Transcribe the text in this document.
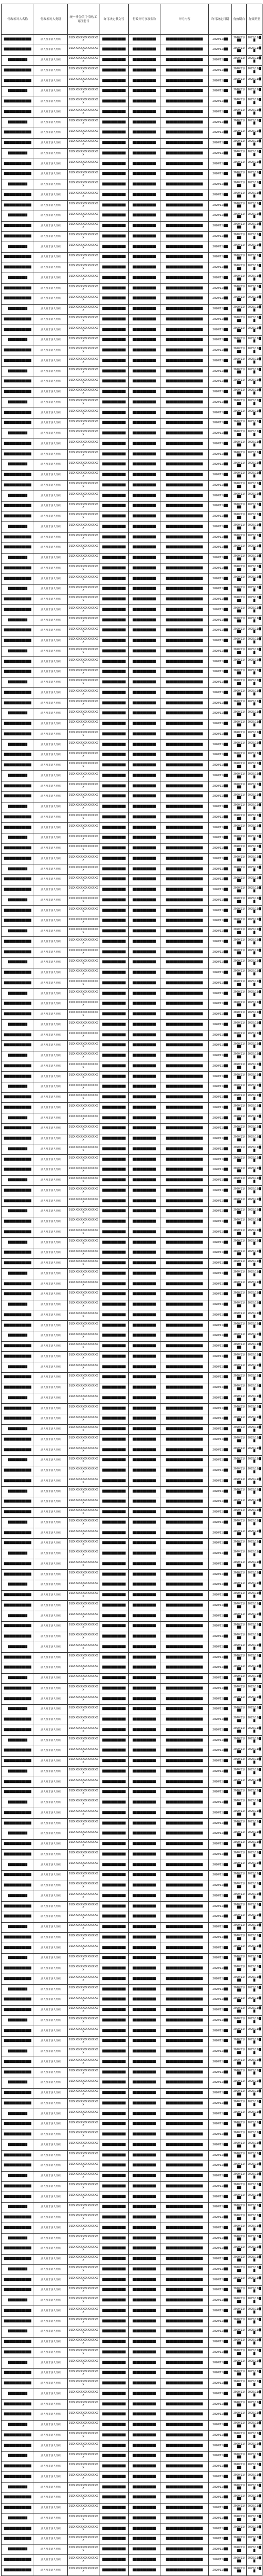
行政相对人名称	行政相对人类别	统一社会信用代码/工商注册号	许可决定书文号	行政许可事项名称	许可内容	许可决定日期	有效期自	有效期至
██████████████	法人及非法人组织	91XXXXXXXXXXXXXXXX	████████████	████████████	███████████████████	2020/11/██	2020/11/██	2025/11/██
██████████████	法人及非法人组织	91XXXXXXXXXXXXXXXX	████████████	████████████	███████████████████	2020/11/██	2020/11/██	2025/11/██
██████████	法人及非法人组织	91XXXXXXXXXXXXXXXX	████████████	████████████	███████████████████	2020/11/██	2020/11/██	2025/11/██
██████████████	法人及非法人组织	91XXXXXXXXXXXXXXXX	████████████	████████████	███████████████████	2020/11/██	2020/11/██	2025/11/██
██████████████	法人及非法人组织	91XXXXXXXXXXXXXXXX	████████████	████████████	███████████████████	2020/11/██	2020/11/██	2025/11/██
██████████	法人及非法人组织	91XXXXXXXXXXXXXXXX	████████████	████████████	███████████████████	2020/11/██	2020/11/██	2025/11/██
██████████████	法人及非法人组织	91XXXXXXXXXXXXXXXX	████████████	████████████	███████████████████	2020/11/██	2020/11/██	2025/11/██
██████████████	法人及非法人组织	91XXXXXXXXXXXXXXXX	████████████	████████████	███████████████████	2020/11/██	2020/11/██	2025/11/██
██████████	法人及非法人组织	91XXXXXXXXXXXXXXXX	████████████	████████████	███████████████████	2020/11/██	2020/11/██	2025/11/██
██████████████	法人及非法人组织	91XXXXXXXXXXXXXXXX	████████████	████████████	███████████████████	2020/11/██	2020/11/██	2025/11/██
██████████████	法人及非法人组织	91XXXXXXXXXXXXXXXX	████████████	████████████	███████████████████	2020/11/██	2020/11/██	2025/11/██
██████████	法人及非法人组织	91XXXXXXXXXXXXXXXX	████████████	████████████	███████████████████	2020/11/██	2020/11/██	2025/11/██
██████████████	法人及非法人组织	91XXXXXXXXXXXXXXXX	████████████	████████████	███████████████████	2020/11/██	2020/11/██	2025/11/██
██████████████	法人及非法人组织	91XXXXXXXXXXXXXXXX	████████████	████████████	███████████████████	2020/11/██	2020/11/██	2025/11/██
██████████	法人及非法人组织	91XXXXXXXXXXXXXXXX	████████████	████████████	███████████████████	2020/11/██	2020/11/██	2025/11/██
██████████████	法人及非法人组织	91XXXXXXXXXXXXXXXX	████████████	████████████	███████████████████	2020/11/██	2020/11/██	2025/11/██
██████████████	法人及非法人组织	91XXXXXXXXXXXXXXXX	████████████	████████████	███████████████████	2020/11/██	2020/11/██	2025/11/██
██████████	法人及非法人组织	91XXXXXXXXXXXXXXXX	████████████	████████████	███████████████████	2020/11/██	2020/11/██	2025/11/██
██████████████	法人及非法人组织	91XXXXXXXXXXXXXXXX	████████████	████████████	███████████████████	2020/11/██	2020/11/██	2025/11/██
██████████████	法人及非法人组织	91XXXXXXXXXXXXXXXX	████████████	████████████	███████████████████	2020/11/██	2020/11/██	2025/11/██
██████████	法人及非法人组织	91XXXXXXXXXXXXXXXX	████████████	████████████	███████████████████	2020/11/██	2020/11/██	2025/11/██
██████████████	法人及非法人组织	91XXXXXXXXXXXXXXXX	████████████	████████████	███████████████████	2020/11/██	2020/11/██	2025/11/██
██████████████	法人及非法人组织	91XXXXXXXXXXXXXXXX	████████████	████████████	███████████████████	2020/11/██	2020/11/██	2025/11/██
██████████	法人及非法人组织	91XXXXXXXXXXXXXXXX	████████████	████████████	███████████████████	2020/11/██	2020/11/██	2025/11/██
██████████████	法人及非法人组织	91XXXXXXXXXXXXXXXX	████████████	████████████	███████████████████	2020/11/██	2020/11/██	2025/11/██
██████████████	法人及非法人组织	91XXXXXXXXXXXXXXXX	████████████	████████████	███████████████████	2020/11/██	2020/11/██	2025/11/██
██████████	法人及非法人组织	91XXXXXXXXXXXXXXXX	████████████	████████████	███████████████████	2020/11/██	2020/11/██	2025/11/██
██████████████	法人及非法人组织	91XXXXXXXXXXXXXXXX	████████████	████████████	███████████████████	2020/11/██	2020/11/██	2025/11/██
██████████████	法人及非法人组织	91XXXXXXXXXXXXXXXX	████████████	████████████	███████████████████	2020/11/██	2020/11/██	2025/11/██
██████████	法人及非法人组织	91XXXXXXXXXXXXXXXX	████████████	████████████	███████████████████	2020/11/██	2020/11/██	2025/11/██
██████████████	法人及非法人组织	91XXXXXXXXXXXXXXXX	████████████	████████████	███████████████████	2020/11/██	2020/11/██	2025/11/██
██████████████	法人及非法人组织	91XXXXXXXXXXXXXXXX	████████████	████████████	███████████████████	2020/11/██	2020/11/██	2025/11/██
██████████	法人及非法人组织	91XXXXXXXXXXXXXXXX	████████████	████████████	███████████████████	2020/11/██	2020/11/██	2025/11/██
██████████████	法人及非法人组织	91XXXXXXXXXXXXXXXX	████████████	████████████	███████████████████	2020/11/██	2020/11/██	2025/11/██
██████████████	法人及非法人组织	91XXXXXXXXXXXXXXXX	████████████	████████████	███████████████████	2020/11/██	2020/11/██	2025/11/██
██████████	法人及非法人组织	91XXXXXXXXXXXXXXXX	████████████	████████████	███████████████████	2020/11/██	2020/11/██	2025/11/██
██████████████	法人及非法人组织	91XXXXXXXXXXXXXXXX	████████████	████████████	███████████████████	2020/11/██	2020/11/██	2025/11/██
██████████████	法人及非法人组织	91XXXXXXXXXXXXXXXX	████████████	████████████	███████████████████	2020/11/██	2020/11/██	2025/11/██
██████████	法人及非法人组织	91XXXXXXXXXXXXXXXX	████████████	████████████	███████████████████	2020/11/██	2020/11/██	2025/11/██
██████████████	法人及非法人组织	91XXXXXXXXXXXXXXXX	████████████	████████████	███████████████████	2020/11/██	2020/11/██	2025/11/██
██████████████	法人及非法人组织	91XXXXXXXXXXXXXXXX	████████████	████████████	███████████████████	2020/11/██	2020/11/██	2025/11/██
██████████	法人及非法人组织	91XXXXXXXXXXXXXXXX	████████████	████████████	███████████████████	2020/11/██	2020/11/██	2025/11/██
██████████████	法人及非法人组织	91XXXXXXXXXXXXXXXX	████████████	████████████	███████████████████	2020/11/██	2020/11/██	2025/11/██
██████████████	法人及非法人组织	91XXXXXXXXXXXXXXXX	████████████	████████████	███████████████████	2020/11/██	2020/11/██	2025/11/██
██████████	法人及非法人组织	91XXXXXXXXXXXXXXXX	████████████	████████████	███████████████████	2020/11/██	2020/11/██	2025/11/██
██████████████	法人及非法人组织	91XXXXXXXXXXXXXXXX	████████████	████████████	███████████████████	2020/11/██	2020/11/██	2025/11/██
██████████████	法人及非法人组织	91XXXXXXXXXXXXXXXX	████████████	████████████	███████████████████	2020/11/██	2020/11/██	2025/11/██
██████████	法人及非法人组织	91XXXXXXXXXXXXXXXX	████████████	████████████	███████████████████	2020/11/██	2020/11/██	2025/11/██
██████████████	法人及非法人组织	91XXXXXXXXXXXXXXXX	████████████	████████████	███████████████████	2020/11/██	2020/11/██	2025/11/██
██████████████	法人及非法人组织	91XXXXXXXXXXXXXXXX	████████████	████████████	███████████████████	2020/11/██	2020/11/██	2025/11/██
██████████	法人及非法人组织	91XXXXXXXXXXXXXXXX	████████████	████████████	███████████████████	2020/11/██	2020/11/██	2025/11/██
██████████████	法人及非法人组织	91XXXXXXXXXXXXXXXX	████████████	████████████	███████████████████	2020/11/██	2020/11/██	2025/11/██
██████████████	法人及非法人组织	91XXXXXXXXXXXXXXXX	████████████	████████████	███████████████████	2020/11/██	2020/11/██	2025/11/██
██████████	法人及非法人组织	91XXXXXXXXXXXXXXXX	████████████	████████████	███████████████████	2020/11/██	2020/11/██	2025/11/██
██████████████	法人及非法人组织	91XXXXXXXXXXXXXXXX	████████████	████████████	███████████████████	2020/11/██	2020/11/██	2025/11/██
██████████████	法人及非法人组织	91XXXXXXXXXXXXXXXX	████████████	████████████	███████████████████	2020/11/██	2020/11/██	2025/11/██
██████████	法人及非法人组织	91XXXXXXXXXXXXXXXX	████████████	████████████	███████████████████	2020/11/██	2020/11/██	2025/11/██
██████████████	法人及非法人组织	91XXXXXXXXXXXXXXXX	████████████	████████████	███████████████████	2020/11/██	2020/11/██	2025/11/██
██████████████	法人及非法人组织	91XXXXXXXXXXXXXXXX	████████████	████████████	███████████████████	2020/11/██	2020/11/██	2025/11/██
██████████	法人及非法人组织	91XXXXXXXXXXXXXXXX	████████████	████████████	███████████████████	2020/11/██	2020/11/██	2025/11/██
██████████████	法人及非法人组织	91XXXXXXXXXXXXXXXX	████████████	████████████	███████████████████	2020/11/██	2020/11/██	2025/11/██
██████████████	法人及非法人组织	91XXXXXXXXXXXXXXXX	████████████	████████████	███████████████████	2020/11/██	2020/11/██	2025/11/██
██████████	法人及非法人组织	91XXXXXXXXXXXXXXXX	████████████	████████████	███████████████████	2020/11/██	2020/11/██	2025/11/██
██████████████	法人及非法人组织	91XXXXXXXXXXXXXXXX	████████████	████████████	███████████████████	2020/11/██	2020/11/██	2025/11/██
██████████████	法人及非法人组织	91XXXXXXXXXXXXXXXX	████████████	████████████	███████████████████	2020/11/██	2020/11/██	2025/11/██
██████████	法人及非法人组织	91XXXXXXXXXXXXXXXX	████████████	████████████	███████████████████	2020/11/██	2020/11/██	2025/11/██
██████████████	法人及非法人组织	91XXXXXXXXXXXXXXXX	████████████	████████████	███████████████████	2020/11/██	2020/11/██	2025/11/██
██████████████	法人及非法人组织	91XXXXXXXXXXXXXXXX	████████████	████████████	███████████████████	2020/11/██	2020/11/██	2025/11/██
██████████	法人及非法人组织	91XXXXXXXXXXXXXXXX	████████████	████████████	███████████████████	2020/11/██	2020/11/██	2025/11/██
██████████████	法人及非法人组织	91XXXXXXXXXXXXXXXX	████████████	████████████	███████████████████	2020/11/██	2020/11/██	2025/11/██
██████████████	法人及非法人组织	91XXXXXXXXXXXXXXXX	████████████	████████████	███████████████████	2020/11/██	2020/11/██	2025/11/██
██████████	法人及非法人组织	91XXXXXXXXXXXXXXXX	████████████	████████████	███████████████████	2020/11/██	2020/11/██	2025/11/██
██████████████	法人及非法人组织	91XXXXXXXXXXXXXXXX	████████████	████████████	███████████████████	2020/11/██	2020/11/██	2025/11/██
██████████████	法人及非法人组织	91XXXXXXXXXXXXXXXX	████████████	████████████	███████████████████	2020/11/██	2020/11/██	2025/11/██
██████████	法人及非法人组织	91XXXXXXXXXXXXXXXX	████████████	████████████	███████████████████	2020/11/██	2020/11/██	2025/11/██
██████████████	法人及非法人组织	91XXXXXXXXXXXXXXXX	████████████	████████████	███████████████████	2020/11/██	2020/11/██	2025/11/██
██████████████	法人及非法人组织	91XXXXXXXXXXXXXXXX	████████████	████████████	███████████████████	2020/11/██	2020/11/██	2025/11/██
██████████	法人及非法人组织	91XXXXXXXXXXXXXXXX	████████████	████████████	███████████████████	2020/11/██	2020/11/██	2025/11/██
██████████████	法人及非法人组织	91XXXXXXXXXXXXXXXX	████████████	████████████	███████████████████	2020/11/██	2020/11/██	2025/11/██
██████████████	法人及非法人组织	91XXXXXXXXXXXXXXXX	████████████	████████████	███████████████████	2020/11/██	2020/11/██	2025/11/██
██████████	法人及非法人组织	91XXXXXXXXXXXXXXXX	████████████	████████████	███████████████████	2020/11/██	2020/11/██	2025/11/██
██████████████	法人及非法人组织	91XXXXXXXXXXXXXXXX	████████████	████████████	███████████████████	2020/11/██	2020/11/██	2025/11/██
██████████████	法人及非法人组织	91XXXXXXXXXXXXXXXX	████████████	████████████	███████████████████	2020/11/██	2020/11/██	2025/11/██
██████████	法人及非法人组织	91XXXXXXXXXXXXXXXX	████████████	████████████	███████████████████	2020/11/██	2020/11/██	2025/11/██
██████████████	法人及非法人组织	91XXXXXXXXXXXXXXXX	████████████	████████████	███████████████████	2020/11/██	2020/11/██	2025/11/██
██████████████	法人及非法人组织	91XXXXXXXXXXXXXXXX	████████████	████████████	███████████████████	2020/11/██	2020/11/██	2025/11/██
██████████	法人及非法人组织	91XXXXXXXXXXXXXXXX	████████████	████████████	███████████████████	2020/11/██	2020/11/██	2025/11/██
██████████████	法人及非法人组织	91XXXXXXXXXXXXXXXX	████████████	████████████	███████████████████	2020/11/██	2020/11/██	2025/11/██
██████████████	法人及非法人组织	91XXXXXXXXXXXXXXXX	████████████	████████████	███████████████████	2020/11/██	2020/11/██	2025/11/██
██████████	法人及非法人组织	91XXXXXXXXXXXXXXXX	████████████	████████████	███████████████████	2020/11/██	2020/11/██	2025/11/██
██████████████	法人及非法人组织	91XXXXXXXXXXXXXXXX	████████████	████████████	███████████████████	2020/11/██	2020/11/██	2025/11/██
██████████████	法人及非法人组织	91XXXXXXXXXXXXXXXX	████████████	████████████	███████████████████	2020/11/██	2020/11/██	2025/11/██
██████████	法人及非法人组织	91XXXXXXXXXXXXXXXX	████████████	████████████	███████████████████	2020/11/██	2020/11/██	2025/11/██
██████████████	法人及非法人组织	91XXXXXXXXXXXXXXXX	████████████	████████████	███████████████████	2020/11/██	2020/11/██	2025/11/██
██████████████	法人及非法人组织	91XXXXXXXXXXXXXXXX	████████████	████████████	███████████████████	2020/11/██	2020/11/██	2025/11/██
██████████	法人及非法人组织	91XXXXXXXXXXXXXXXX	████████████	████████████	███████████████████	2020/11/██	2020/11/██	2025/11/██
██████████████	法人及非法人组织	91XXXXXXXXXXXXXXXX	████████████	████████████	███████████████████	2020/11/██	2020/11/██	2025/11/██
██████████████	法人及非法人组织	91XXXXXXXXXXXXXXXX	████████████	████████████	███████████████████	2020/11/██	2020/11/██	2025/11/██
██████████	法人及非法人组织	91XXXXXXXXXXXXXXXX	████████████	████████████	███████████████████	2020/11/██	2020/11/██	2025/11/██
██████████████	法人及非法人组织	91XXXXXXXXXXXXXXXX	████████████	████████████	███████████████████	2020/11/██	2020/11/██	2025/11/██
██████████████	法人及非法人组织	91XXXXXXXXXXXXXXXX	████████████	████████████	███████████████████	2020/11/██	2020/11/██	2025/11/██
██████████	法人及非法人组织	91XXXXXXXXXXXXXXXX	████████████	████████████	███████████████████	2020/11/██	2020/11/██	2025/11/██
██████████████	法人及非法人组织	91XXXXXXXXXXXXXXXX	████████████	████████████	███████████████████	2020/11/██	2020/11/██	2025/11/██
██████████████	法人及非法人组织	91XXXXXXXXXXXXXXXX	████████████	████████████	███████████████████	2020/11/██	2020/11/██	2025/11/██
██████████	法人及非法人组织	91XXXXXXXXXXXXXXXX	████████████	████████████	███████████████████	2020/11/██	2020/11/██	2025/11/██
██████████████	法人及非法人组织	91XXXXXXXXXXXXXXXX	████████████	████████████	███████████████████	2020/11/██	2020/11/██	2025/11/██
██████████████	法人及非法人组织	91XXXXXXXXXXXXXXXX	████████████	████████████	███████████████████	2020/11/██	2020/11/██	2025/11/██
██████████	法人及非法人组织	91XXXXXXXXXXXXXXXX	████████████	████████████	███████████████████	2020/11/██	2020/11/██	2025/11/██
██████████████	法人及非法人组织	91XXXXXXXXXXXXXXXX	████████████	████████████	███████████████████	2020/11/██	2020/11/██	2025/11/██
██████████████	法人及非法人组织	91XXXXXXXXXXXXXXXX	████████████	████████████	███████████████████	2020/11/██	2020/11/██	2025/11/██
██████████	法人及非法人组织	91XXXXXXXXXXXXXXXX	████████████	████████████	███████████████████	2020/11/██	2020/11/██	2025/11/██
██████████████	法人及非法人组织	91XXXXXXXXXXXXXXXX	████████████	████████████	███████████████████	2020/11/██	2020/11/██	2025/11/██
██████████████	法人及非法人组织	91XXXXXXXXXXXXXXXX	████████████	████████████	███████████████████	2020/11/██	2020/11/██	2025/11/██
██████████	法人及非法人组织	91XXXXXXXXXXXXXXXX	████████████	████████████	███████████████████	2020/11/██	2020/11/██	2025/11/██
██████████████	法人及非法人组织	91XXXXXXXXXXXXXXXX	████████████	████████████	███████████████████	2020/11/██	2020/11/██	2025/11/██
██████████████	法人及非法人组织	91XXXXXXXXXXXXXXXX	████████████	████████████	███████████████████	2020/11/██	2020/11/██	2025/11/██
██████████	法人及非法人组织	91XXXXXXXXXXXXXXXX	████████████	████████████	███████████████████	2020/11/██	2020/11/██	2025/11/██
██████████████	法人及非法人组织	91XXXXXXXXXXXXXXXX	████████████	████████████	███████████████████	2020/11/██	2020/11/██	2025/11/██
██████████████	法人及非法人组织	91XXXXXXXXXXXXXXXX	████████████	████████████	███████████████████	2020/11/██	2020/11/██	2025/11/██
██████████	法人及非法人组织	91XXXXXXXXXXXXXXXX	████████████	████████████	███████████████████	2020/11/██	2020/11/██	2025/11/██
██████████████	法人及非法人组织	91XXXXXXXXXXXXXXXX	████████████	████████████	███████████████████	2020/11/██	2020/11/██	2025/11/██
██████████████	法人及非法人组织	91XXXXXXXXXXXXXXXX	████████████	████████████	███████████████████	2020/11/██	2020/11/██	2025/11/██
██████████	法人及非法人组织	91XXXXXXXXXXXXXXXX	████████████	████████████	███████████████████	2020/11/██	2020/11/██	2025/11/██
██████████████	法人及非法人组织	91XXXXXXXXXXXXXXXX	████████████	████████████	███████████████████	2020/11/██	2020/11/██	2025/11/██
██████████████	法人及非法人组织	91XXXXXXXXXXXXXXXX	████████████	████████████	███████████████████	2020/11/██	2020/11/██	2025/11/██
██████████	法人及非法人组织	91XXXXXXXXXXXXXXXX	████████████	████████████	███████████████████	2020/11/██	2020/11/██	2025/11/██
██████████████	法人及非法人组织	91XXXXXXXXXXXXXXXX	████████████	████████████	███████████████████	2020/11/██	2020/11/██	2025/11/██
██████████████	法人及非法人组织	91XXXXXXXXXXXXXXXX	████████████	████████████	███████████████████	2020/11/██	2020/11/██	2025/11/██
██████████	法人及非法人组织	91XXXXXXXXXXXXXXXX	████████████	████████████	███████████████████	2020/11/██	2020/11/██	2025/11/██
██████████████	法人及非法人组织	91XXXXXXXXXXXXXXXX	████████████	████████████	███████████████████	2020/11/██	2020/11/██	2025/11/██
██████████████	法人及非法人组织	91XXXXXXXXXXXXXXXX	████████████	████████████	███████████████████	2020/11/██	2020/11/██	2025/11/██
██████████	法人及非法人组织	91XXXXXXXXXXXXXXXX	████████████	████████████	███████████████████	2020/11/██	2020/11/██	2025/11/██
██████████████	法人及非法人组织	91XXXXXXXXXXXXXXXX	████████████	████████████	███████████████████	2020/11/██	2020/11/██	2025/11/██
██████████████	法人及非法人组织	91XXXXXXXXXXXXXXXX	████████████	████████████	███████████████████	2020/11/██	2020/11/██	2025/11/██
██████████	法人及非法人组织	91XXXXXXXXXXXXXXXX	████████████	████████████	███████████████████	2020/11/██	2020/11/██	2025/11/██
██████████████	法人及非法人组织	91XXXXXXXXXXXXXXXX	████████████	████████████	███████████████████	2020/11/██	2020/11/██	2025/11/██
██████████████	法人及非法人组织	91XXXXXXXXXXXXXXXX	████████████	████████████	███████████████████	2020/11/██	2020/11/██	2025/11/██
██████████	法人及非法人组织	91XXXXXXXXXXXXXXXX	████████████	████████████	███████████████████	2020/11/██	2020/11/██	2025/11/██
██████████████	法人及非法人组织	91XXXXXXXXXXXXXXXX	████████████	████████████	███████████████████	2020/11/██	2020/11/██	2025/11/██
██████████████	法人及非法人组织	91XXXXXXXXXXXXXXXX	████████████	████████████	███████████████████	2020/11/██	2020/11/██	2025/11/██
██████████	法人及非法人组织	91XXXXXXXXXXXXXXXX	████████████	████████████	███████████████████	2020/11/██	2020/11/██	2025/11/██
██████████████	法人及非法人组织	91XXXXXXXXXXXXXXXX	████████████	████████████	███████████████████	2020/11/██	2020/11/██	2025/11/██
██████████████	法人及非法人组织	91XXXXXXXXXXXXXXXX	████████████	████████████	███████████████████	2020/11/██	2020/11/██	2025/11/██
██████████	法人及非法人组织	91XXXXXXXXXXXXXXXX	████████████	████████████	███████████████████	2020/11/██	2020/11/██	2025/11/██
██████████████	法人及非法人组织	91XXXXXXXXXXXXXXXX	████████████	████████████	███████████████████	2020/11/██	2020/11/██	2025/11/██
██████████████	法人及非法人组织	91XXXXXXXXXXXXXXXX	████████████	████████████	███████████████████	2020/11/██	2020/11/██	2025/11/██
██████████	法人及非法人组织	91XXXXXXXXXXXXXXXX	████████████	████████████	███████████████████	2020/11/██	2020/11/██	2025/11/██
██████████████	法人及非法人组织	91XXXXXXXXXXXXXXXX	████████████	████████████	███████████████████	2020/11/██	2020/11/██	2025/11/██
██████████████	法人及非法人组织	91XXXXXXXXXXXXXXXX	████████████	████████████	███████████████████	2020/11/██	2020/11/██	2025/11/██
██████████	法人及非法人组织	91XXXXXXXXXXXXXXXX	████████████	████████████	███████████████████	2020/11/██	2020/11/██	2025/11/██
██████████████	法人及非法人组织	91XXXXXXXXXXXXXXXX	████████████	████████████	███████████████████	2020/11/██	2020/11/██	2025/11/██
██████████████	法人及非法人组织	91XXXXXXXXXXXXXXXX	████████████	████████████	███████████████████	2020/11/██	2020/11/██	2025/11/██
██████████	法人及非法人组织	91XXXXXXXXXXXXXXXX	████████████	████████████	███████████████████	2020/11/██	2020/11/██	2025/11/██
██████████████	法人及非法人组织	91XXXXXXXXXXXXXXXX	████████████	████████████	███████████████████	2020/11/██	2020/11/██	2025/11/██
██████████████	法人及非法人组织	91XXXXXXXXXXXXXXXX	████████████	████████████	███████████████████	2020/11/██	2020/11/██	2025/11/██
██████████	法人及非法人组织	91XXXXXXXXXXXXXXXX	████████████	████████████	███████████████████	2020/11/██	2020/11/██	2025/11/██
██████████████	法人及非法人组织	91XXXXXXXXXXXXXXXX	████████████	████████████	███████████████████	2020/11/██	2020/11/██	2025/11/██
██████████████	法人及非法人组织	91XXXXXXXXXXXXXXXX	████████████	████████████	███████████████████	2020/11/██	2020/11/██	2025/11/██
██████████	法人及非法人组织	91XXXXXXXXXXXXXXXX	████████████	████████████	███████████████████	2020/11/██	2020/11/██	2025/11/██
██████████████	法人及非法人组织	91XXXXXXXXXXXXXXXX	████████████	████████████	███████████████████	2020/11/██	2020/11/██	2025/11/██
██████████████	法人及非法人组织	91XXXXXXXXXXXXXXXX	████████████	████████████	███████████████████	2020/11/██	2020/11/██	2025/11/██
██████████	法人及非法人组织	91XXXXXXXXXXXXXXXX	████████████	████████████	███████████████████	2020/11/██	2020/11/██	2025/11/██
██████████████	法人及非法人组织	91XXXXXXXXXXXXXXXX	████████████	████████████	███████████████████	2020/11/██	2020/11/██	2025/11/██
██████████████	法人及非法人组织	91XXXXXXXXXXXXXXXX	████████████	████████████	███████████████████	2020/11/██	2020/11/██	2025/11/██
██████████	法人及非法人组织	91XXXXXXXXXXXXXXXX	████████████	████████████	███████████████████	2020/11/██	2020/11/██	2025/11/██
██████████████	法人及非法人组织	91XXXXXXXXXXXXXXXX	████████████	████████████	███████████████████	2020/11/██	2020/11/██	2025/11/██
██████████████	法人及非法人组织	91XXXXXXXXXXXXXXXX	████████████	████████████	███████████████████	2020/11/██	2020/11/██	2025/11/██
██████████	法人及非法人组织	91XXXXXXXXXXXXXXXX	████████████	████████████	███████████████████	2020/11/██	2020/11/██	2025/11/██
██████████████	法人及非法人组织	91XXXXXXXXXXXXXXXX	████████████	████████████	███████████████████	2020/11/██	2020/11/██	2025/11/██
██████████████	法人及非法人组织	91XXXXXXXXXXXXXXXX	████████████	████████████	███████████████████	2020/11/██	2020/11/██	2025/11/██
██████████	法人及非法人组织	91XXXXXXXXXXXXXXXX	████████████	████████████	███████████████████	2020/11/██	2020/11/██	2025/11/██
██████████████	法人及非法人组织	91XXXXXXXXXXXXXXXX	████████████	████████████	███████████████████	2020/11/██	2020/11/██	2025/11/██
██████████████	法人及非法人组织	91XXXXXXXXXXXXXXXX	████████████	████████████	███████████████████	2020/11/██	2020/11/██	2025/11/██
██████████	法人及非法人组织	91XXXXXXXXXXXXXXXX	████████████	████████████	███████████████████	2020/11/██	2020/11/██	2025/11/██
██████████████	法人及非法人组织	91XXXXXXXXXXXXXXXX	████████████	████████████	███████████████████	2020/11/██	2020/11/██	2025/11/██
██████████████	法人及非法人组织	91XXXXXXXXXXXXXXXX	████████████	████████████	███████████████████	2020/11/██	2020/11/██	2025/11/██
██████████	法人及非法人组织	91XXXXXXXXXXXXXXXX	████████████	████████████	███████████████████	2020/11/██	2020/11/██	2025/11/██
██████████████	法人及非法人组织	91XXXXXXXXXXXXXXXX	████████████	████████████	███████████████████	2020/11/██	2020/11/██	2025/11/██
██████████████	法人及非法人组织	91XXXXXXXXXXXXXXXX	████████████	████████████	███████████████████	2020/11/██	2020/11/██	2025/11/██
██████████	法人及非法人组织	91XXXXXXXXXXXXXXXX	████████████	████████████	███████████████████	2020/11/██	2020/11/██	2025/11/██
██████████████	法人及非法人组织	91XXXXXXXXXXXXXXXX	████████████	████████████	███████████████████	2020/11/██	2020/11/██	2025/11/██
██████████████	法人及非法人组织	91XXXXXXXXXXXXXXXX	████████████	████████████	███████████████████	2020/11/██	2020/11/██	2025/11/██
██████████	法人及非法人组织	91XXXXXXXXXXXXXXXX	████████████	████████████	███████████████████	2020/11/██	2020/11/██	2025/11/██
██████████████	法人及非法人组织	91XXXXXXXXXXXXXXXX	████████████	████████████	███████████████████	2020/11/██	2020/11/██	2025/11/██
██████████████	法人及非法人组织	91XXXXXXXXXXXXXXXX	████████████	████████████	███████████████████	2020/11/██	2020/11/██	2025/11/██
██████████	法人及非法人组织	91XXXXXXXXXXXXXXXX	████████████	████████████	███████████████████	2020/11/██	2020/11/██	2025/11/██
██████████████	法人及非法人组织	91XXXXXXXXXXXXXXXX	████████████	████████████	███████████████████	2020/11/██	2020/11/██	2025/11/██
██████████████	法人及非法人组织	91XXXXXXXXXXXXXXXX	████████████	████████████	███████████████████	2020/11/██	2020/11/██	2025/11/██
██████████	法人及非法人组织	91XXXXXXXXXXXXXXXX	████████████	████████████	███████████████████	2020/11/██	2020/11/██	2025/11/██
██████████████	法人及非法人组织	91XXXXXXXXXXXXXXXX	████████████	████████████	███████████████████	2020/11/██	2020/11/██	2025/11/██
██████████████	法人及非法人组织	91XXXXXXXXXXXXXXXX	████████████	████████████	███████████████████	2020/11/██	2020/11/██	2025/11/██
██████████	法人及非法人组织	91XXXXXXXXXXXXXXXX	████████████	████████████	███████████████████	2020/11/██	2020/11/██	2025/11/██
██████████████	法人及非法人组织	91XXXXXXXXXXXXXXXX	████████████	████████████	███████████████████	2020/11/██	2020/11/██	2025/11/██
██████████████	法人及非法人组织	91XXXXXXXXXXXXXXXX	████████████	████████████	███████████████████	2020/11/██	2020/11/██	2025/11/██
██████████	法人及非法人组织	91XXXXXXXXXXXXXXXX	████████████	████████████	███████████████████	2020/11/██	2020/11/██	2025/11/██
██████████████	法人及非法人组织	91XXXXXXXXXXXXXXXX	████████████	████████████	███████████████████	2020/11/██	2020/11/██	2025/11/██
██████████████	法人及非法人组织	91XXXXXXXXXXXXXXXX	████████████	████████████	███████████████████	2020/11/██	2020/11/██	2025/11/██
██████████	法人及非法人组织	91XXXXXXXXXXXXXXXX	████████████	████████████	███████████████████	2020/11/██	2020/11/██	2025/11/██
██████████████	法人及非法人组织	91XXXXXXXXXXXXXXXX	████████████	████████████	███████████████████	2020/11/██	2020/11/██	2025/11/██
██████████████	法人及非法人组织	91XXXXXXXXXXXXXXXX	████████████	████████████	███████████████████	2020/11/██	2020/11/██	2025/11/██
██████████	法人及非法人组织	91XXXXXXXXXXXXXXXX	████████████	████████████	███████████████████	2020/11/██	2020/11/██	2025/11/██
██████████████	法人及非法人组织	91XXXXXXXXXXXXXXXX	████████████	████████████	███████████████████	2020/11/██	2020/11/██	2025/11/██
██████████████	法人及非法人组织	91XXXXXXXXXXXXXXXX	████████████	████████████	███████████████████	2020/11/██	2020/11/██	2025/11/██
██████████	法人及非法人组织	91XXXXXXXXXXXXXXXX	████████████	████████████	███████████████████	2020/11/██	2020/11/██	2025/11/██
██████████████	法人及非法人组织	91XXXXXXXXXXXXXXXX	████████████	████████████	███████████████████	2020/11/██	2020/11/██	2025/11/██
██████████████	法人及非法人组织	91XXXXXXXXXXXXXXXX	████████████	████████████	███████████████████	2020/11/██	2020/11/██	2025/11/██
██████████	法人及非法人组织	91XXXXXXXXXXXXXXXX	████████████	████████████	███████████████████	2020/11/██	2020/11/██	2025/11/██
██████████████	法人及非法人组织	91XXXXXXXXXXXXXXXX	████████████	████████████	███████████████████	2020/11/██	2020/11/██	2025/11/██
██████████████	法人及非法人组织	91XXXXXXXXXXXXXXXX	████████████	████████████	███████████████████	2020/11/██	2020/11/██	2025/11/██
██████████	法人及非法人组织	91XXXXXXXXXXXXXXXX	████████████	████████████	███████████████████	2020/11/██	2020/11/██	2025/11/██
██████████████	法人及非法人组织	91XXXXXXXXXXXXXXXX	████████████	████████████	███████████████████	2020/11/██	2020/11/██	2025/11/██
██████████████	法人及非法人组织	91XXXXXXXXXXXXXXXX	████████████	████████████	███████████████████	2020/11/██	2020/11/██	2025/11/██
██████████	法人及非法人组织	91XXXXXXXXXXXXXXXX	████████████	████████████	███████████████████	2020/11/██	2020/11/██	2025/11/██
██████████████	法人及非法人组织	91XXXXXXXXXXXXXXXX	████████████	████████████	███████████████████	2020/11/██	2020/11/██	2025/11/██
██████████████	法人及非法人组织	91XXXXXXXXXXXXXXXX	████████████	████████████	███████████████████	2020/11/██	2020/11/██	2025/11/██
██████████	法人及非法人组织	91XXXXXXXXXXXXXXXX	████████████	████████████	███████████████████	2020/11/██	2020/11/██	2025/11/██
██████████████	法人及非法人组织	91XXXXXXXXXXXXXXXX	████████████	████████████	███████████████████	2020/11/██	2020/11/██	2025/11/██
██████████████	法人及非法人组织	91XXXXXXXXXXXXXXXX	████████████	████████████	███████████████████	2020/11/██	2020/11/██	2025/11/██
██████████	法人及非法人组织	91XXXXXXXXXXXXXXXX	████████████	████████████	███████████████████	2020/11/██	2020/11/██	2025/11/██
██████████████	法人及非法人组织	91XXXXXXXXXXXXXXXX	████████████	████████████	███████████████████	2020/11/██	2020/11/██	2025/11/██
██████████████	法人及非法人组织	91XXXXXXXXXXXXXXXX	████████████	████████████	███████████████████	2020/11/██	2020/11/██	2025/11/██
██████████	法人及非法人组织	91XXXXXXXXXXXXXXXX	████████████	████████████	███████████████████	2020/11/██	2020/11/██	2025/11/██
██████████████	法人及非法人组织	91XXXXXXXXXXXXXXXX	████████████	████████████	███████████████████	2020/11/██	2020/11/██	2025/11/██
██████████████	法人及非法人组织	91XXXXXXXXXXXXXXXX	████████████	████████████	███████████████████	2020/11/██	2020/11/██	2025/11/██
██████████	法人及非法人组织	91XXXXXXXXXXXXXXXX	████████████	████████████	███████████████████	2020/11/██	2020/11/██	2025/11/██
██████████████	法人及非法人组织	91XXXXXXXXXXXXXXXX	████████████	████████████	███████████████████	2020/11/██	2020/11/██	2025/11/██
██████████████	法人及非法人组织	91XXXXXXXXXXXXXXXX	████████████	████████████	███████████████████	2020/11/██	2020/11/██	2025/11/██
██████████	法人及非法人组织	91XXXXXXXXXXXXXXXX	████████████	████████████	███████████████████	2020/11/██	2020/11/██	2025/11/██
██████████████	法人及非法人组织	91XXXXXXXXXXXXXXXX	████████████	████████████	███████████████████	2020/11/██	2020/11/██	2025/11/██
██████████████	法人及非法人组织	91XXXXXXXXXXXXXXXX	████████████	████████████	███████████████████	2020/11/██	2020/11/██	2025/11/██
██████████	法人及非法人组织	91XXXXXXXXXXXXXXXX	████████████	████████████	███████████████████	2020/11/██	2020/11/██	2025/11/██
██████████████	法人及非法人组织	91XXXXXXXXXXXXXXXX	████████████	████████████	███████████████████	2020/11/██	2020/11/██	2025/11/██
██████████████	法人及非法人组织	91XXXXXXXXXXXXXXXX	████████████	████████████	███████████████████	2020/11/██	2020/11/██	2025/11/██
██████████	法人及非法人组织	91XXXXXXXXXXXXXXXX	████████████	████████████	███████████████████	2020/11/██	2020/11/██	2025/11/██
██████████████	法人及非法人组织	91XXXXXXXXXXXXXXXX	████████████	████████████	███████████████████	2020/11/██	2020/11/██	2025/11/██
██████████████	法人及非法人组织	91XXXXXXXXXXXXXXXX	████████████	████████████	███████████████████	2020/11/██	2020/11/██	2025/11/██
██████████	法人及非法人组织	91XXXXXXXXXXXXXXXX	████████████	████████████	███████████████████	2020/11/██	2020/11/██	2025/11/██
██████████████	法人及非法人组织	91XXXXXXXXXXXXXXXX	████████████	████████████	███████████████████	2020/11/██	2020/11/██	2025/11/██
██████████████	法人及非法人组织	91XXXXXXXXXXXXXXXX	████████████	████████████	███████████████████	2020/11/██	2020/11/██	2025/11/██
██████████	法人及非法人组织	91XXXXXXXXXXXXXXXX	████████████	████████████	███████████████████	2020/11/██	2020/11/██	2025/11/██
██████████████	法人及非法人组织	91XXXXXXXXXXXXXXXX	████████████	████████████	███████████████████	2020/11/██	2020/11/██	2025/11/██
██████████████	法人及非法人组织	91XXXXXXXXXXXXXXXX	████████████	████████████	███████████████████	2020/11/██	2020/11/██	2025/11/██
██████████	法人及非法人组织	91XXXXXXXXXXXXXXXX	████████████	████████████	███████████████████	2020/11/██	2020/11/██	2025/11/██
██████████████	法人及非法人组织	91XXXXXXXXXXXXXXXX	████████████	████████████	███████████████████	2020/11/██	2020/11/██	2025/11/██
██████████████	法人及非法人组织	91XXXXXXXXXXXXXXXX	████████████	████████████	███████████████████	2020/11/██	2020/11/██	2025/11/██
